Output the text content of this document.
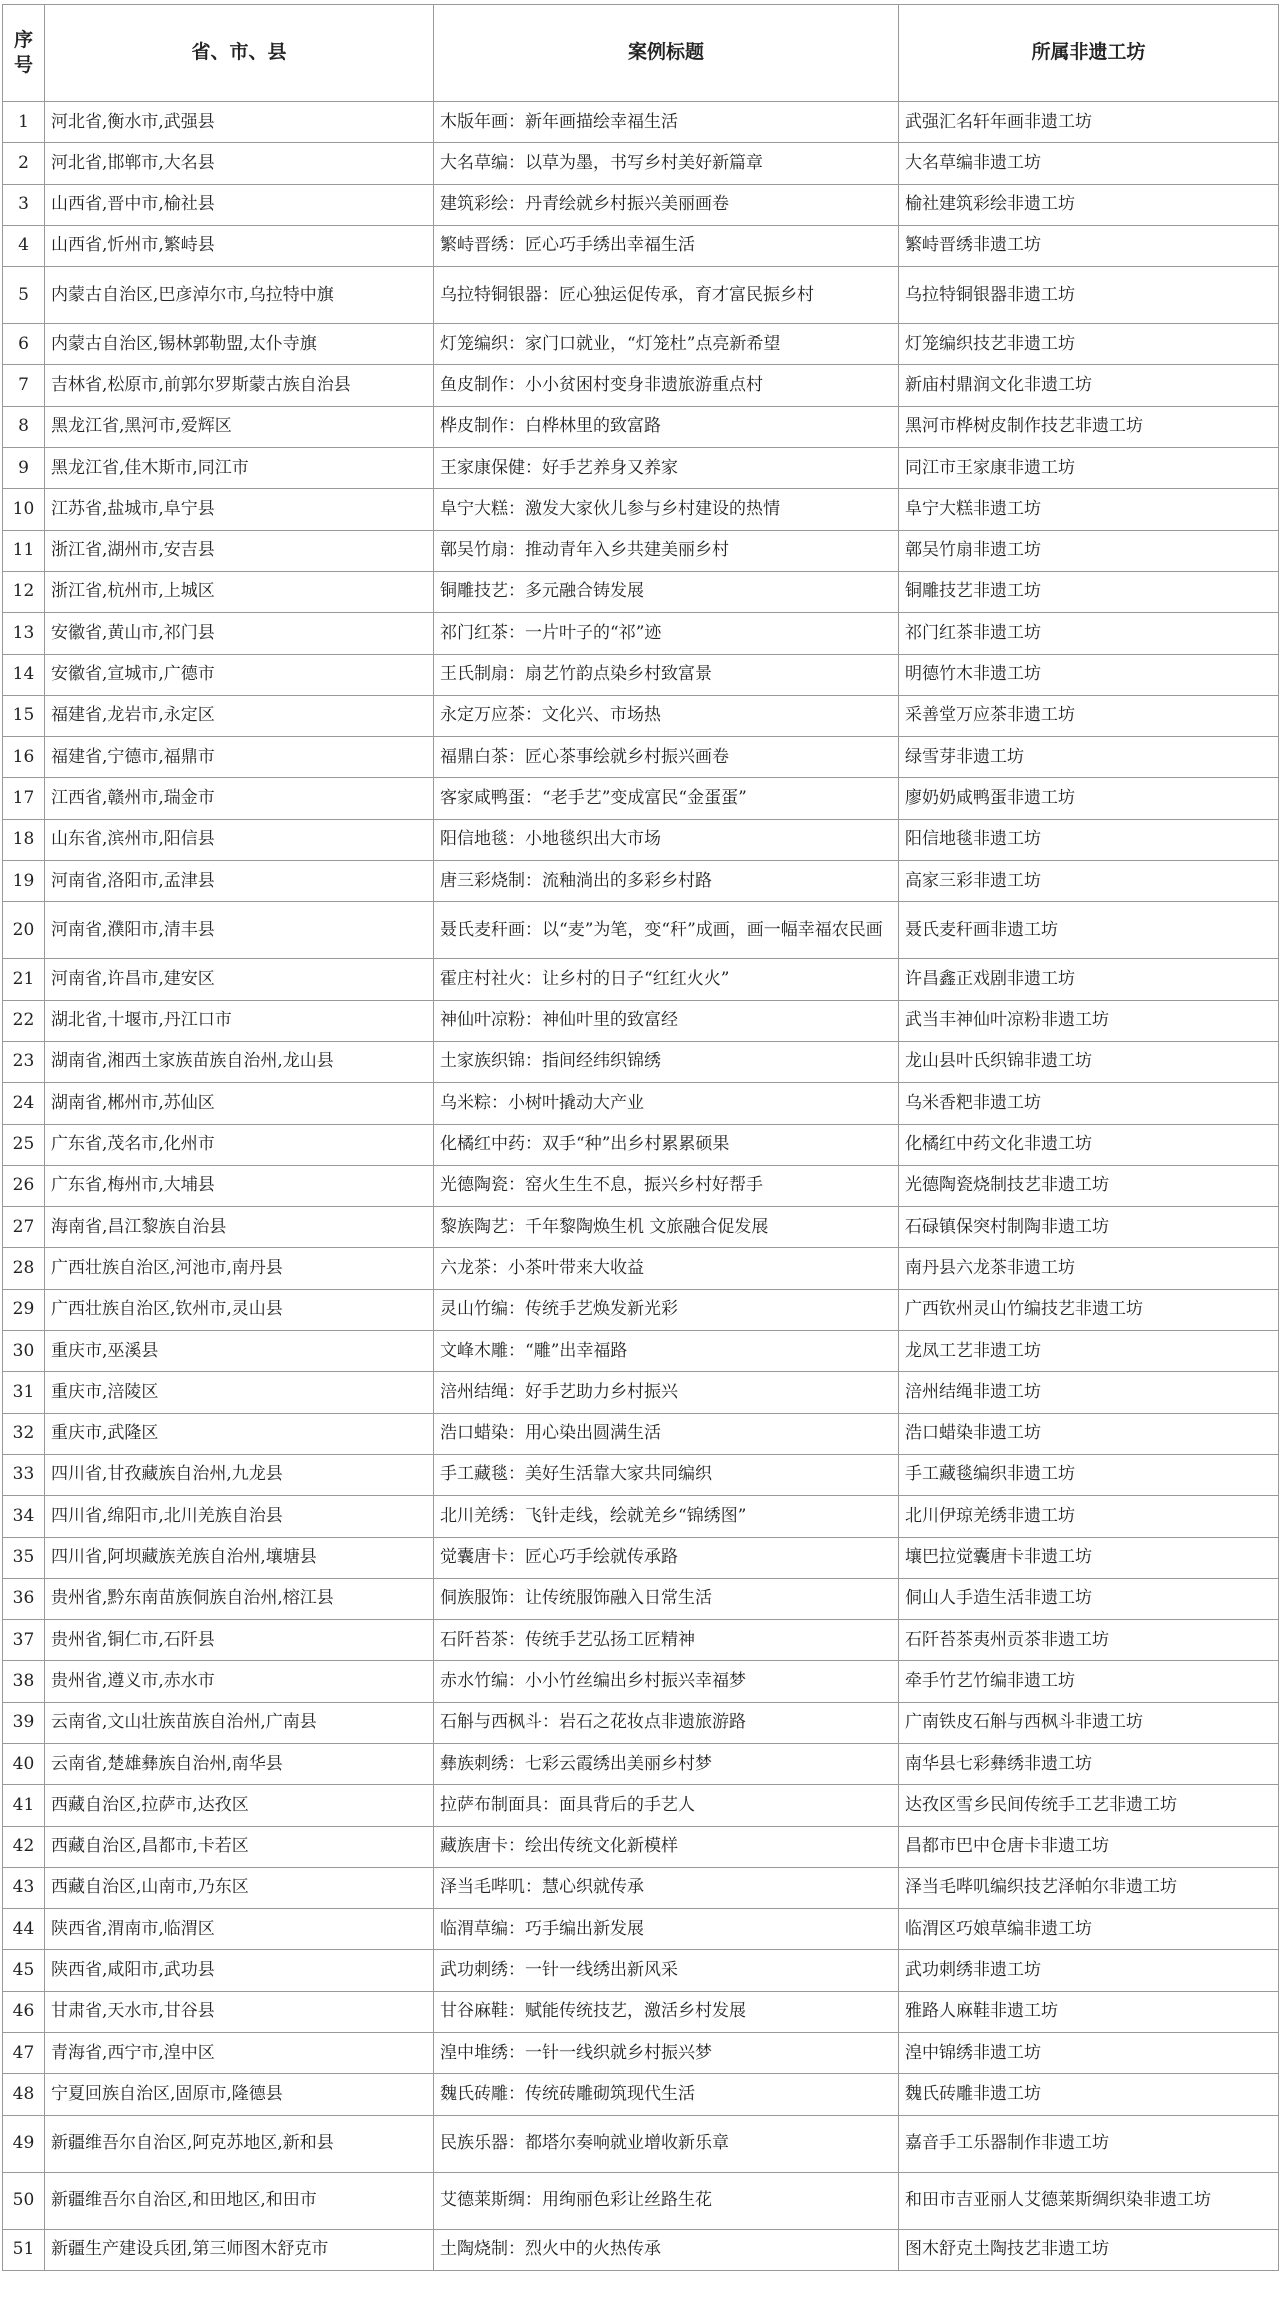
序
号	省、市、县	案例标题	所属非遗工坊
1	河北省,衡水市,武强县	木版年画：新年画描绘幸福生活	武强汇名轩年画非遗工坊
2	河北省,邯郸市,大名县	大名草编：以草为墨，书写乡村美好新篇章	大名草编非遗工坊
3	山西省,晋中市,榆社县	建筑彩绘：丹青绘就乡村振兴美丽画卷	榆社建筑彩绘非遗工坊
4	山西省,忻州市,繁峙县	繁峙晋绣：匠心巧手绣出幸福生活	繁峙晋绣非遗工坊
5	内蒙古自治区,巴彦淖尔市,乌拉特中旗	乌拉特铜银器：匠心独运促传承，育才富民振乡村	乌拉特铜银器非遗工坊
6	内蒙古自治区,锡林郭勒盟,太仆寺旗	灯笼编织：家门口就业，“灯笼杜”点亮新希望	灯笼编织技艺非遗工坊
7	吉林省,松原市,前郭尔罗斯蒙古族自治县	鱼皮制作：小小贫困村变身非遗旅游重点村	新庙村鼎润文化非遗工坊
8	黑龙江省,黑河市,爱辉区	桦皮制作：白桦林里的致富路	黑河市桦树皮制作技艺非遗工坊
9	黑龙江省,佳木斯市,同江市	王家康保健：好手艺养身又养家	同江市王家康非遗工坊
10	江苏省,盐城市,阜宁县	阜宁大糕：激发大家伙儿参与乡村建设的热情	阜宁大糕非遗工坊
11	浙江省,湖州市,安吉县	鄣吴竹扇：推动青年入乡共建美丽乡村	鄣吴竹扇非遗工坊
12	浙江省,杭州市,上城区	铜雕技艺：多元融合铸发展	铜雕技艺非遗工坊
13	安徽省,黄山市,祁门县	祁门红茶：一片叶子的“祁”迹	祁门红茶非遗工坊
14	安徽省,宣城市,广德市	王氏制扇：扇艺竹韵点染乡村致富景	明德竹木非遗工坊
15	福建省,龙岩市,永定区	永定万应茶：文化兴、市场热	采善堂万应茶非遗工坊
16	福建省,宁德市,福鼎市	福鼎白茶：匠心茶事绘就乡村振兴画卷	绿雪芽非遗工坊
17	江西省,赣州市,瑞金市	客家咸鸭蛋：“老手艺”变成富民“金蛋蛋”	廖奶奶咸鸭蛋非遗工坊
18	山东省,滨州市,阳信县	阳信地毯：小地毯织出大市场	阳信地毯非遗工坊
19	河南省,洛阳市,孟津县	唐三彩烧制：流釉淌出的多彩乡村路	高家三彩非遗工坊
20	河南省,濮阳市,清丰县	聂氏麦秆画：以“麦”为笔，变“秆”成画，画一幅幸福农民画	聂氏麦秆画非遗工坊
21	河南省,许昌市,建安区	霍庄村社火：让乡村的日子“红红火火”	许昌鑫正戏剧非遗工坊
22	湖北省,十堰市,丹江口市	神仙叶凉粉：神仙叶里的致富经	武当丰神仙叶凉粉非遗工坊
23	湖南省,湘西土家族苗族自治州,龙山县	土家族织锦：指间经纬织锦绣	龙山县叶氏织锦非遗工坊
24	湖南省,郴州市,苏仙区	乌米粽：小树叶撬动大产业	乌米香粑非遗工坊
25	广东省,茂名市,化州市	化橘红中药：双手“种”出乡村累累硕果	化橘红中药文化非遗工坊
26	广东省,梅州市,大埔县	光德陶瓷：窑火生生不息，振兴乡村好帮手	光德陶瓷烧制技艺非遗工坊
27	海南省,昌江黎族自治县	黎族陶艺：千年黎陶焕生机 文旅融合促发展	石碌镇保突村制陶非遗工坊
28	广西壮族自治区,河池市,南丹县	六龙茶：小茶叶带来大收益	南丹县六龙茶非遗工坊
29	广西壮族自治区,钦州市,灵山县	灵山竹编：传统手艺焕发新光彩	广西钦州灵山竹编技艺非遗工坊
30	重庆市,巫溪县	文峰木雕：“雕”出幸福路	龙凤工艺非遗工坊
31	重庆市,涪陵区	涪州结绳：好手艺助力乡村振兴	涪州结绳非遗工坊
32	重庆市,武隆区	浩口蜡染：用心染出圆满生活	浩口蜡染非遗工坊
33	四川省,甘孜藏族自治州,九龙县	手工藏毯：美好生活靠大家共同编织	手工藏毯编织非遗工坊
34	四川省,绵阳市,北川羌族自治县	北川羌绣：飞针走线，绘就羌乡“锦绣图”	北川伊琼羌绣非遗工坊
35	四川省,阿坝藏族羌族自治州,壤塘县	觉囊唐卡：匠心巧手绘就传承路	壤巴拉觉囊唐卡非遗工坊
36	贵州省,黔东南苗族侗族自治州,榕江县	侗族服饰：让传统服饰融入日常生活	侗山人手造生活非遗工坊
37	贵州省,铜仁市,石阡县	石阡苔茶：传统手艺弘扬工匠精神	石阡苔茶夷州贡茶非遗工坊
38	贵州省,遵义市,赤水市	赤水竹编：小小竹丝编出乡村振兴幸福梦	牵手竹艺竹编非遗工坊
39	云南省,文山壮族苗族自治州,广南县	石斛与西枫斗：岩石之花妆点非遗旅游路	广南铁皮石斛与西枫斗非遗工坊
40	云南省,楚雄彝族自治州,南华县	彝族刺绣：七彩云霞绣出美丽乡村梦	南华县七彩彝绣非遗工坊
41	西藏自治区,拉萨市,达孜区	拉萨布制面具：面具背后的手艺人	达孜区雪乡民间传统手工艺非遗工坊
42	西藏自治区,昌都市,卡若区	藏族唐卡：绘出传统文化新模样	昌都市巴中仓唐卡非遗工坊
43	西藏自治区,山南市,乃东区	泽当毛哔叽：慧心织就传承	泽当毛哔叽编织技艺泽帕尔非遗工坊
44	陕西省,渭南市,临渭区	临渭草编：巧手编出新发展	临渭区巧娘草编非遗工坊
45	陕西省,咸阳市,武功县	武功刺绣：一针一线绣出新风采	武功刺绣非遗工坊
46	甘肃省,天水市,甘谷县	甘谷麻鞋：赋能传统技艺，激活乡村发展	雅路人麻鞋非遗工坊
47	青海省,西宁市,湟中区	湟中堆绣：一针一线织就乡村振兴梦	湟中锦绣非遗工坊
48	宁夏回族自治区,固原市,隆德县	魏氏砖雕：传统砖雕砌筑现代生活	魏氏砖雕非遗工坊
49	新疆维吾尔自治区,阿克苏地区,新和县	民族乐器：都塔尔奏响就业增收新乐章	嘉音手工乐器制作非遗工坊
50	新疆维吾尔自治区,和田地区,和田市	艾德莱斯绸：用绚丽色彩让丝路生花	和田市吉亚丽人艾德莱斯绸织染非遗工坊
51	新疆生产建设兵团,第三师图木舒克市	土陶烧制：烈火中的火热传承	图木舒克土陶技艺非遗工坊
